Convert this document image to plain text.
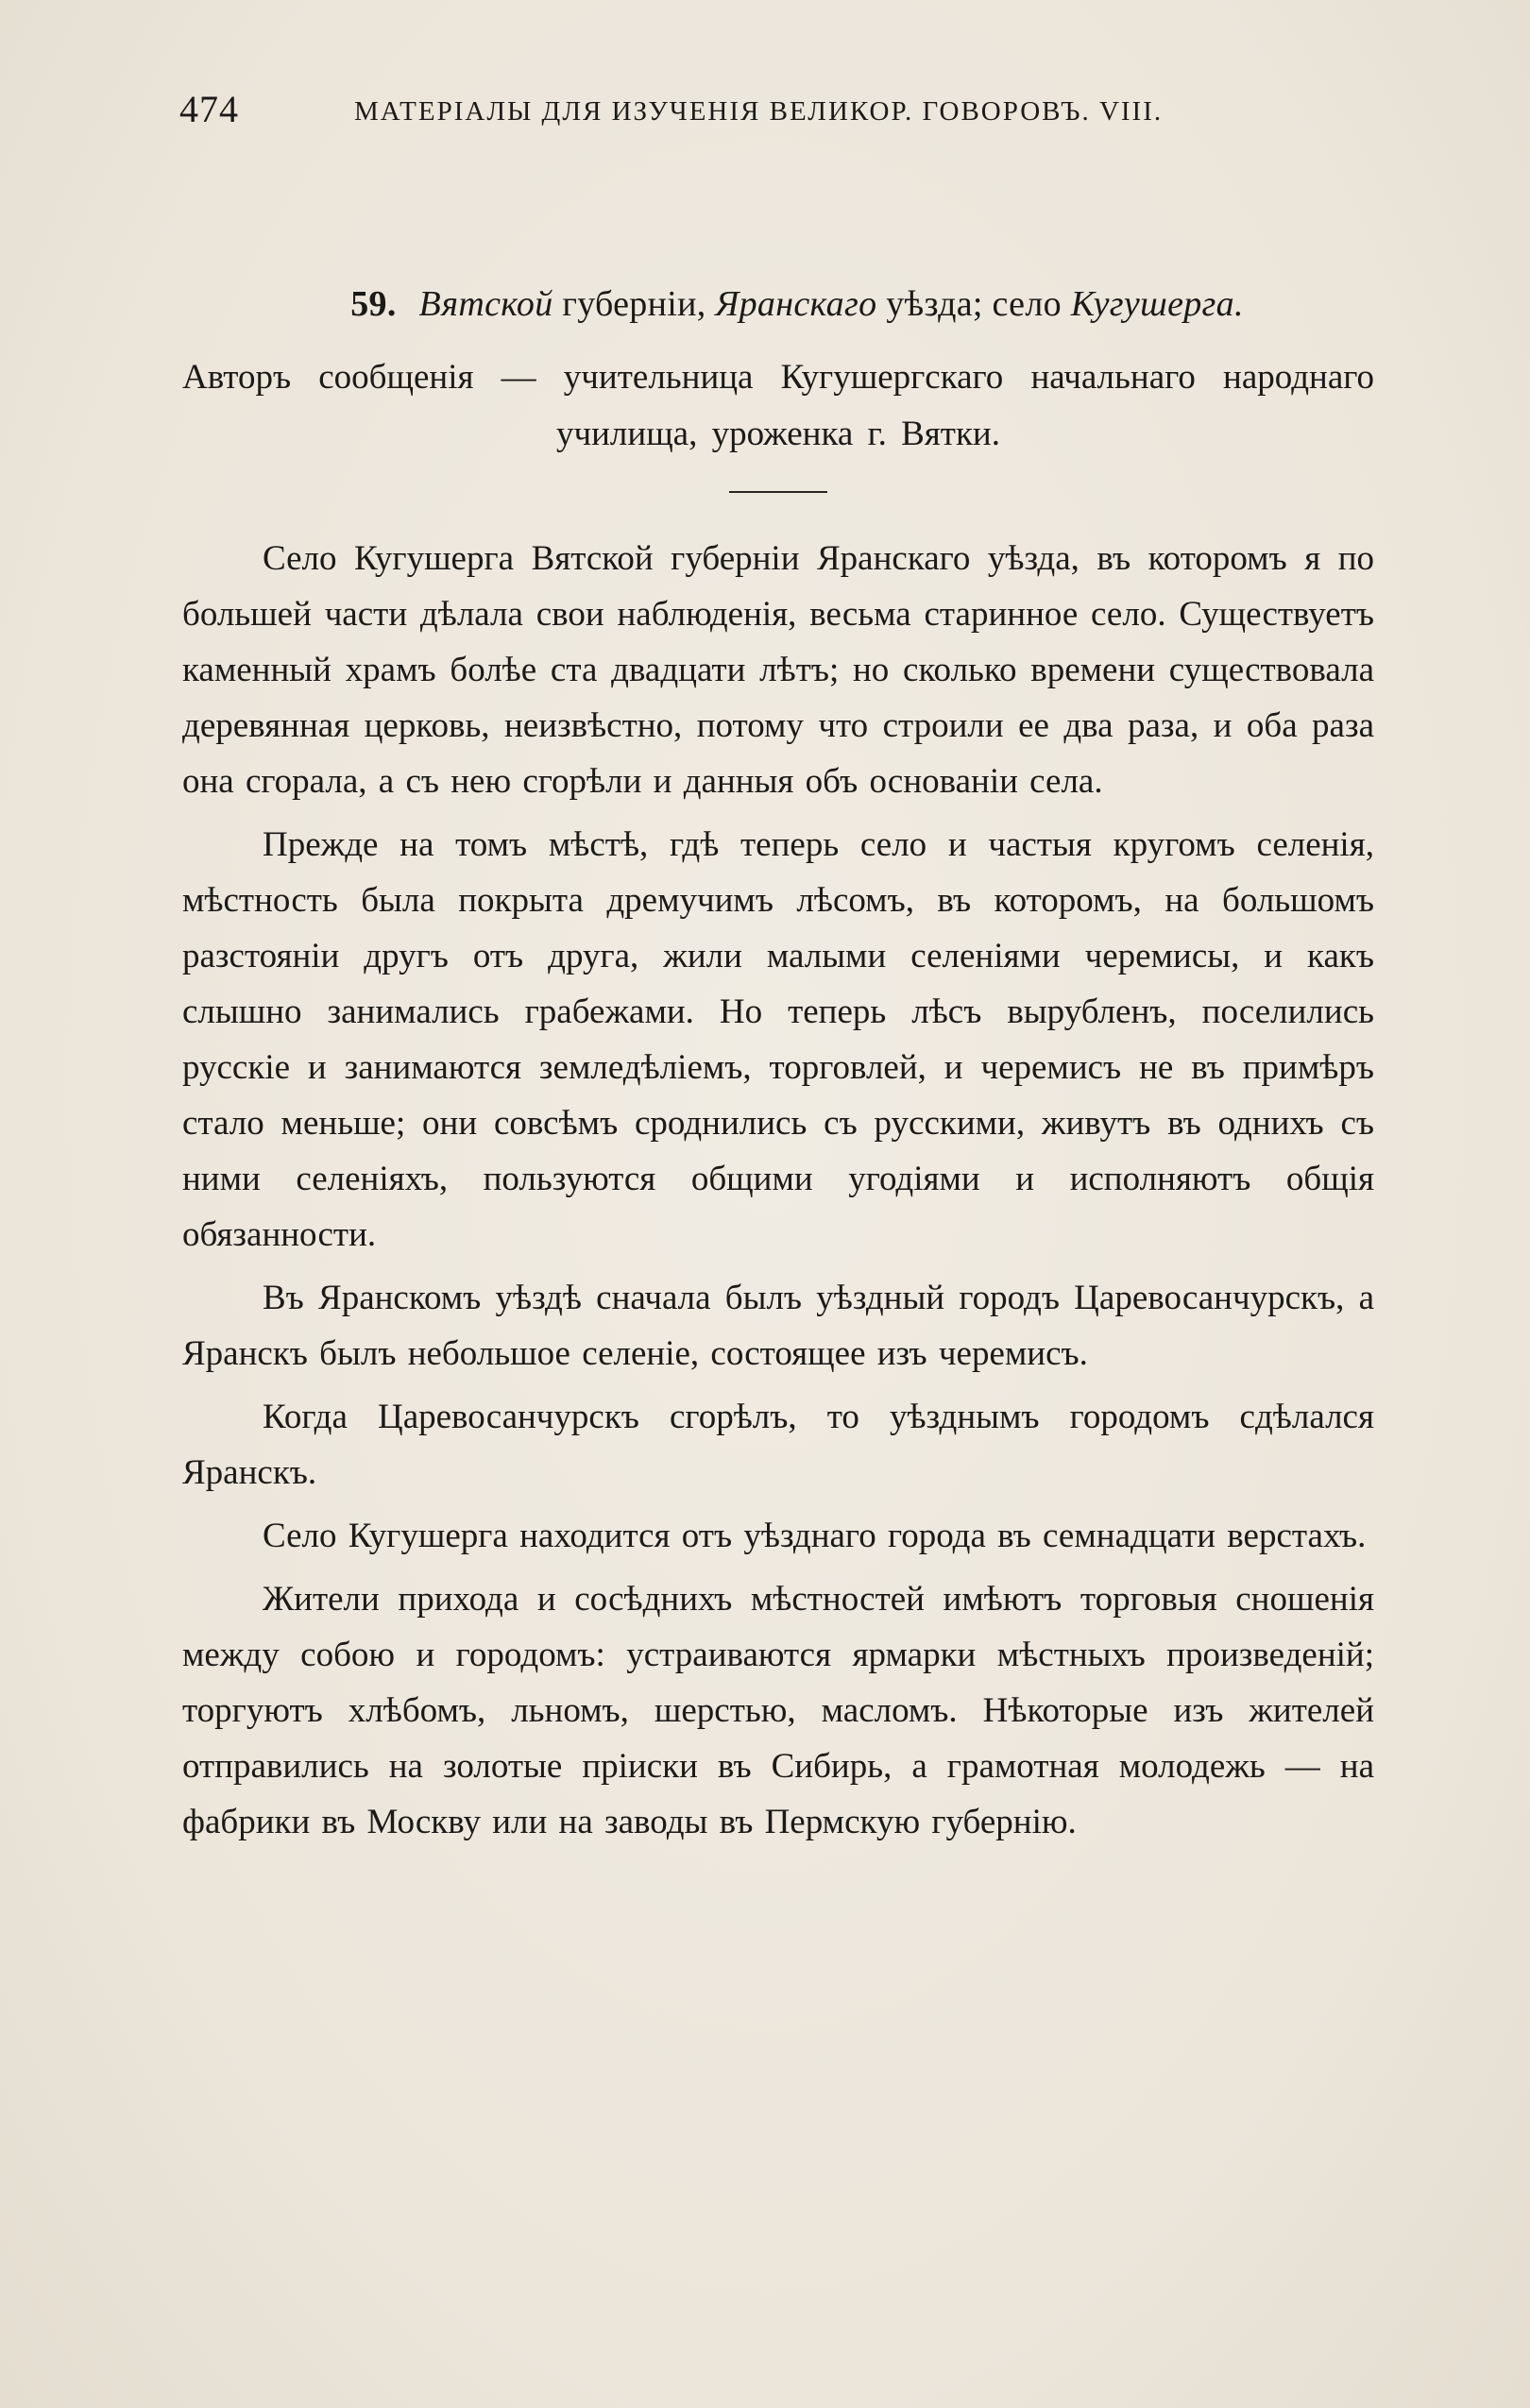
474	МАТЕРІАЛЫ ДЛЯ ИЗУЧЕНІЯ ВЕЛИКОР. ГОВОРОВЪ. VIII.
59. Вятской губерніи, Яранскаго уѣзда; село Кугушерга.

Авторъ сообщенія — учительница Кугушергскаго начальнаго народнаго училища, уроженка г. Вятки.

Село Кугушерга Вятской губерніи Яранскаго уѣзда, въ которомъ я по большей части дѣлала свои наблюденія, весьма старинное село. Существуетъ каменный храмъ болѣе ста двадцати лѣтъ; но сколько времени существовала деревянная церковь, неизвѣстно, потому что строили ее два раза, и оба раза она сгорала, а съ нею сгорѣли и данныя объ основаніи села.

Прежде на томъ мѣстѣ, гдѣ теперь село и частыя кругомъ селенія, мѣстность была покрыта дремучимъ лѣсомъ, въ которомъ, на большомъ разстояніи другъ отъ друга, жили малыми селеніями черемисы, и какъ слышно занимались грабежами. Но теперь лѣсъ вырубленъ, поселились русскіе и занимаются земледѣліемъ, торговлей, и черемисъ не въ примѣръ стало меньше; они совсѣмъ сроднились съ русскими, живутъ въ однихъ съ ними селеніяхъ, пользуются общими угодіями и исполняютъ общія обязанности.

Въ Яранскомъ уѣздѣ сначала былъ уѣздный городъ Царевосанчурскъ, а Яранскъ былъ небольшое селеніе, состоящее изъ черемисъ.

Когда Царевосанчурскъ сгорѣлъ, то уѣзднымъ городомъ сдѣлался Яранскъ.

Село Кугушерга находится отъ уѣзднаго города въ семнадцати верстахъ.

Жители прихода и сосѣднихъ мѣстностей имѣютъ торговыя сношенія между собою и городомъ: устраиваются ярмарки мѣстныхъ произведеній; торгуютъ хлѣбомъ, льномъ, шерстью, масломъ. Нѣкоторые изъ жителей отправились на золотые пріиски въ Сибирь, а грамотная молодежь — на фабрики въ Москву или на заводы въ Пермскую губернію.
